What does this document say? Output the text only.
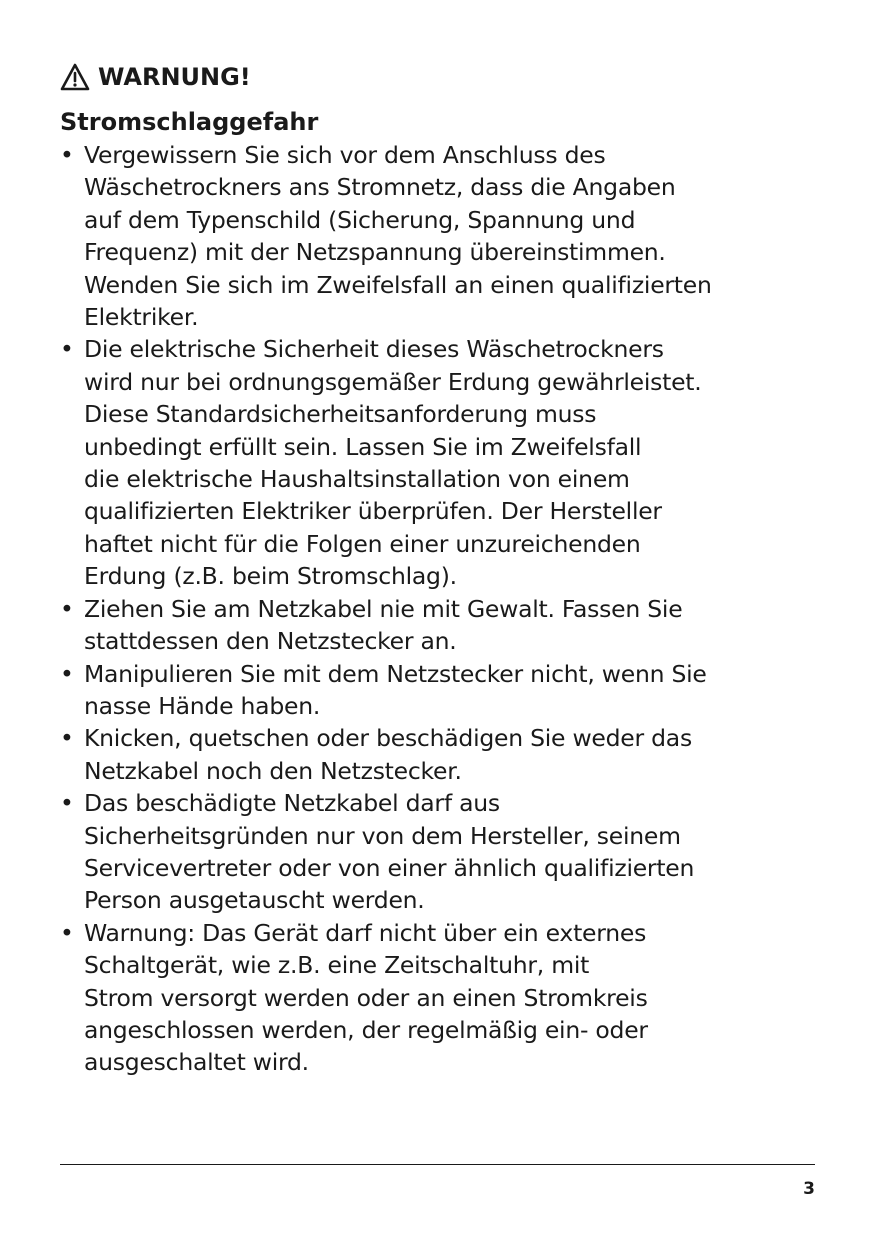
WARNUNG!
Stromschlaggefahr
• Vergewissern Sie sich vor dem Anschluss des
Wäschetrockners ans Stromnetz, dass die Angaben
auf dem Typenschild (Sicherung, Spannung und
Frequenz) mit der Netzspannung übereinstimmen.
Wenden Sie sich im Zweifelsfall an einen qualifizierten
Elektriker.
• Die elektrische Sicherheit dieses Wäschetrockners
wird nur bei ordnungsgemäßer Erdung gewährleistet.
Diese Standardsicherheitsanforderung muss
unbedingt erfüllt sein. Lassen Sie im Zweifelsfall
die elektrische Haushaltsinstallation von einem
qualifizierten Elektriker überprüfen. Der Hersteller
haftet nicht für die Folgen einer unzureichenden
Erdung (z.B. beim Stromschlag).
• Ziehen Sie am Netzkabel nie mit Gewalt. Fassen Sie
stattdessen den Netzstecker an.
• Manipulieren Sie mit dem Netzstecker nicht, wenn Sie
nasse Hände haben.
• Knicken, quetschen oder beschädigen Sie weder das
Netzkabel noch den Netzstecker.
• Das beschädigte Netzkabel darf aus
Sicherheitsgründen nur von dem Hersteller, seinem
Servicevertreter oder von einer ähnlich qualifizierten
Person ausgetauscht werden.
• Warnung: Das Gerät darf nicht über ein externes
Schaltgerät, wie z.B. eine Zeitschaltuhr, mit
Strom versorgt werden oder an einen Stromkreis
angeschlossen werden, der regelmäßig ein- oder
ausgeschaltet wird.
3
